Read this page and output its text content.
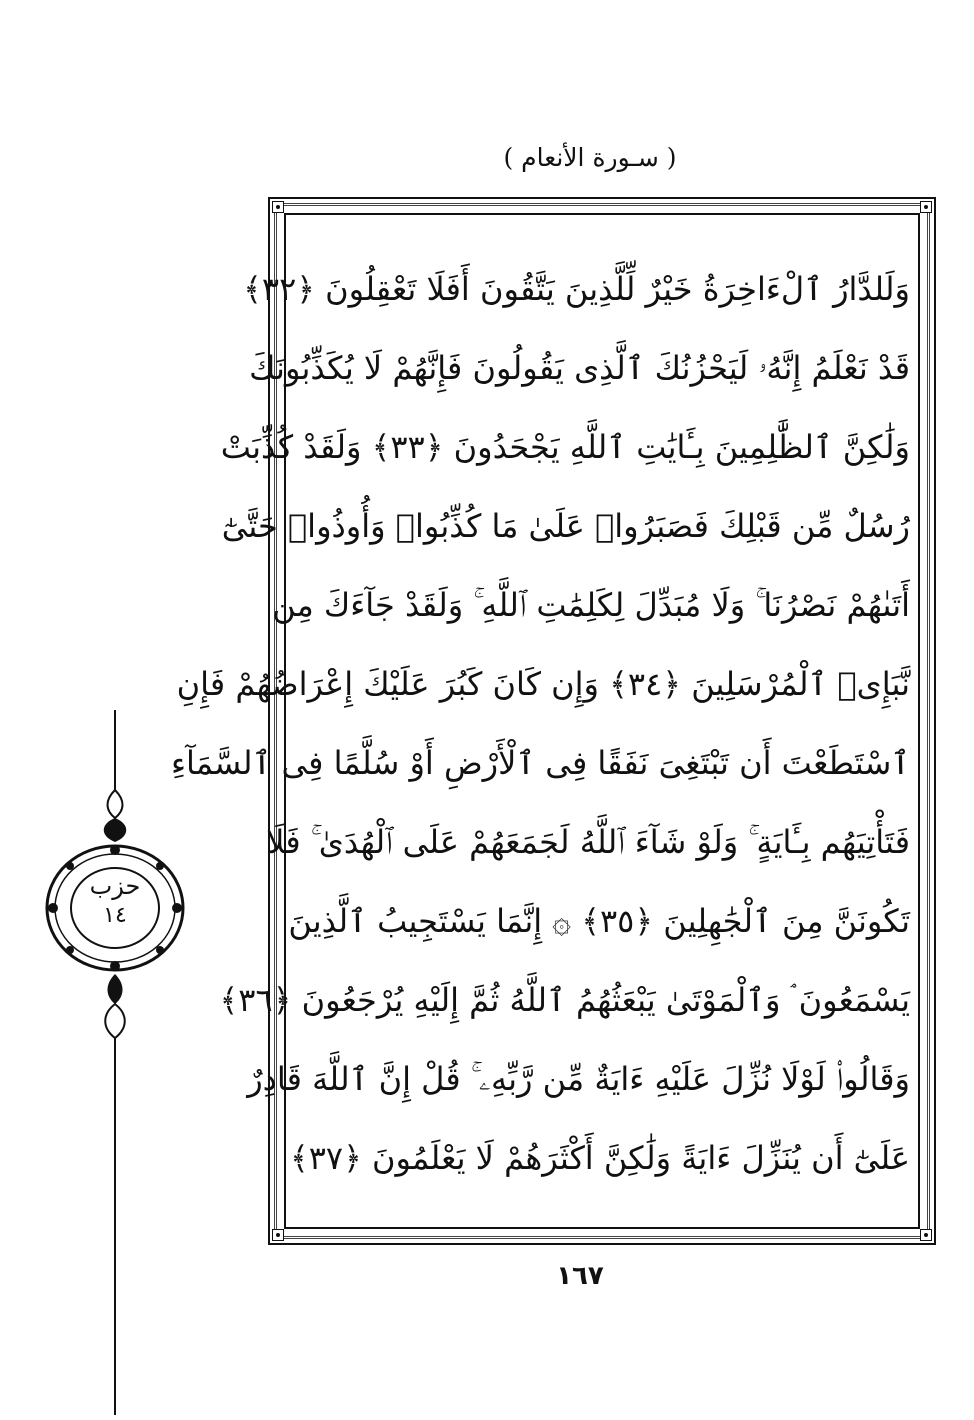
( سـورة الأنعام )
وَلَلدَّارُ ٱلْءَاخِرَةُ خَيْرٌ لِّلَّذِينَ يَتَّقُونَ أَفَلَا تَعْقِلُونَ ﴿٣٢﴾
قَدْ نَعْلَمُ إِنَّهُۥ لَيَحْزُنُكَ ٱلَّذِى يَقُولُونَ فَإِنَّهُمْ لَا يُكَذِّبُونَكَ
وَلَٰكِنَّ ٱلظَّٰلِمِينَ بِـَٔايَٰتِ ٱللَّهِ يَجْحَدُونَ ﴿٣٣﴾ وَلَقَدْ كُذِّبَتْ
رُسُلٌ مِّن قَبْلِكَ فَصَبَرُوا۟ عَلَىٰ مَا كُذِّبُوا۟ وَأُوذُوا۟ حَتَّىٰٓ
أَتَىٰهُمْ نَصْرُنَا ۚ وَلَا مُبَدِّلَ لِكَلِمَٰتِ ٱللَّهِ ۚ وَلَقَدْ جَآءَكَ مِن
نَّبَإِى۟ ٱلْمُرْسَلِينَ ﴿٣٤﴾ وَإِن كَانَ كَبُرَ عَلَيْكَ إِعْرَاضُهُمْ فَإِنِ
ٱسْتَطَعْتَ أَن تَبْتَغِىَ نَفَقًا فِى ٱلْأَرْضِ أَوْ سُلَّمًا فِى ٱلسَّمَآءِ
فَتَأْتِيَهُم بِـَٔايَةٍ ۚ وَلَوْ شَآءَ ٱللَّهُ لَجَمَعَهُمْ عَلَى ٱلْهُدَىٰ ۚ فَلَا
تَكُونَنَّ مِنَ ٱلْجَٰهِلِينَ ﴿٣٥﴾ ۞ إِنَّمَا يَسْتَجِيبُ ٱلَّذِينَ
يَسْمَعُونَ ۘ وَٱلْمَوْتَىٰ يَبْعَثُهُمُ ٱللَّهُ ثُمَّ إِلَيْهِ يُرْجَعُونَ ﴿٣٦﴾
وَقَالُوا۟ لَوْلَا نُزِّلَ عَلَيْهِ ءَايَةٌ مِّن رَّبِّهِۦ ۚ قُلْ إِنَّ ٱللَّهَ قَادِرٌ
عَلَىٰٓ أَن يُنَزِّلَ ءَايَةً وَلَٰكِنَّ أَكْثَرَهُمْ لَا يَعْلَمُونَ ﴿٣٧﴾
حزب
١٤
١٦٧
